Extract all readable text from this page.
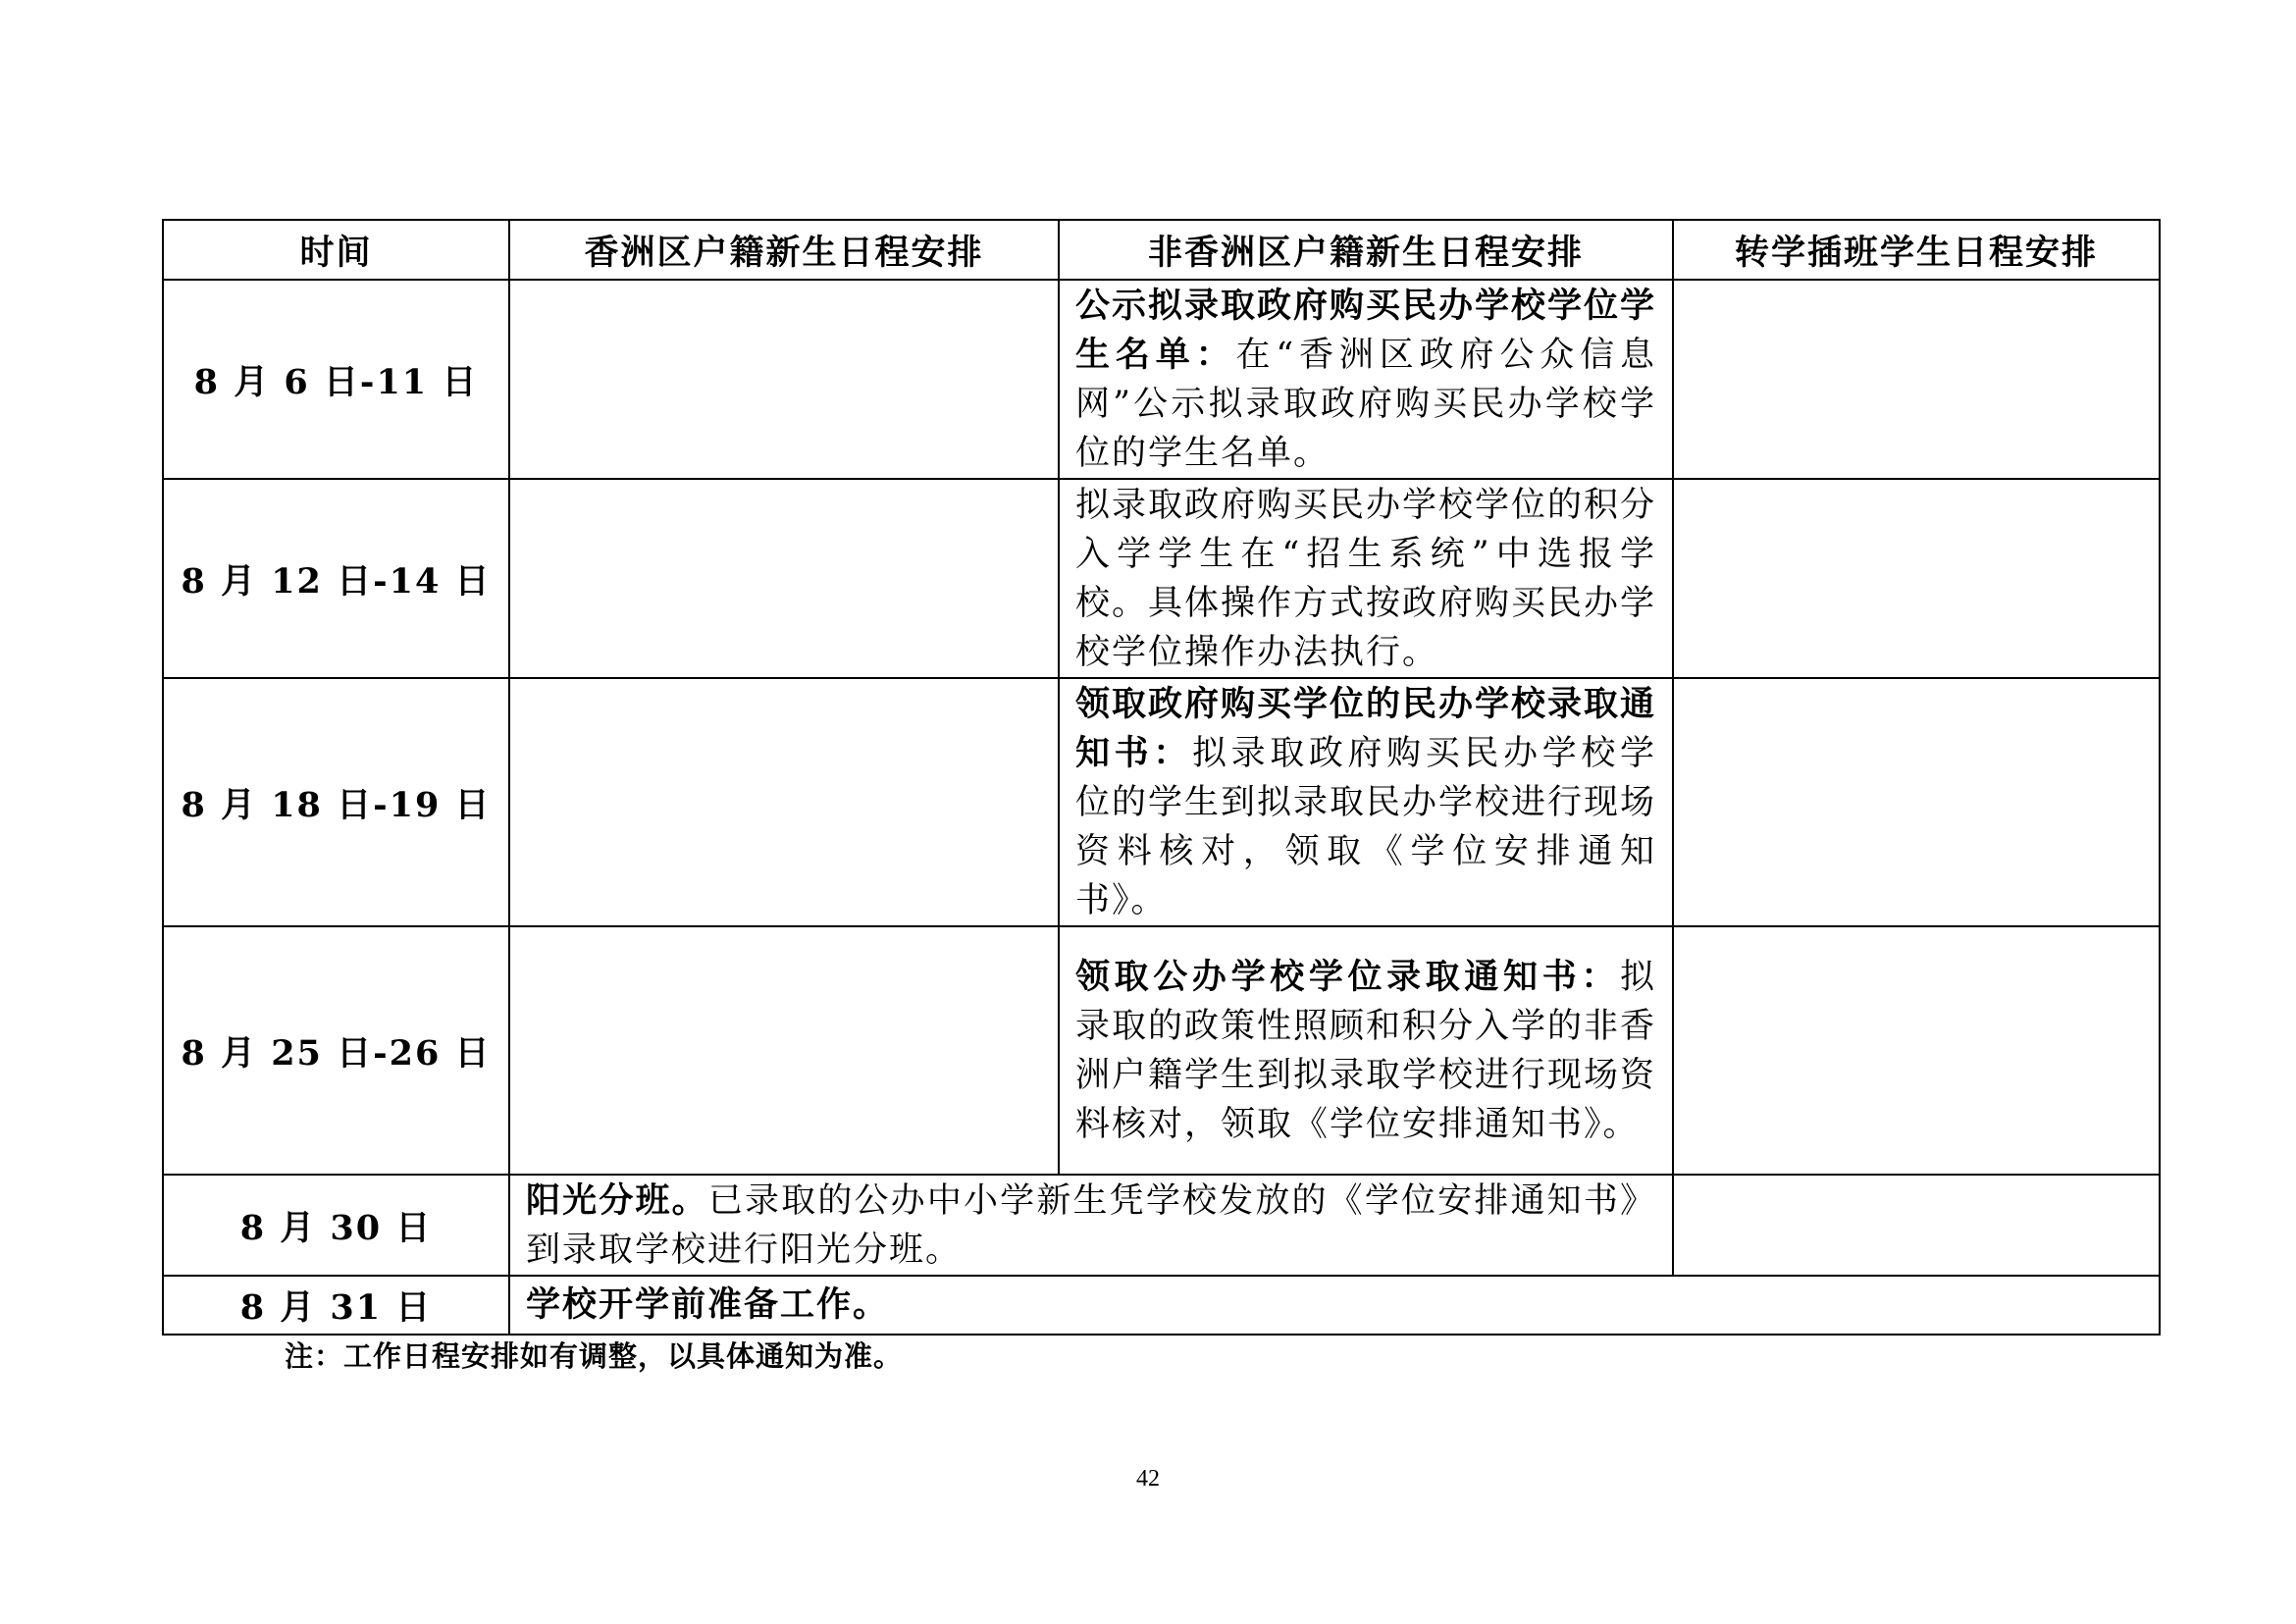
时间	香洲区户籍新生日程安排	非香洲区户籍新生日程安排	转学插班学生日程安排
8 月 6 日-11 日		公示拟录取政府购买民办学校学位学生名单：在“香洲区政府公众信息网”公示拟录取政府购买民办学校学位的学生名单。	
8 月 12 日-14 日		拟录取政府购买民办学校学位的积分入学学生在“招生系统”中选报学校。具体操作方式按政府购买民办学校学位操作办法执行。	
8 月 18 日-19 日		领取政府购买学位的民办学校录取通知书：拟录取政府购买民办学校学位的学生到拟录取民办学校进行现场资料核对，领取《学位安排通知书》。	
8 月 25 日-26 日		领取公办学校学位录取通知书：拟录取的政策性照顾和积分入学的非香洲户籍学生到拟录取学校进行现场资料核对，领取《学位安排通知书》。	
8 月 30 日	阳光分班。已录取的公办中小学新生凭学校发放的《学位安排通知书》到录取学校进行阳光分班。		
8 月 31 日	学校开学前准备工作。		
注：工作日程安排如有调整，以具体通知为准。
42
